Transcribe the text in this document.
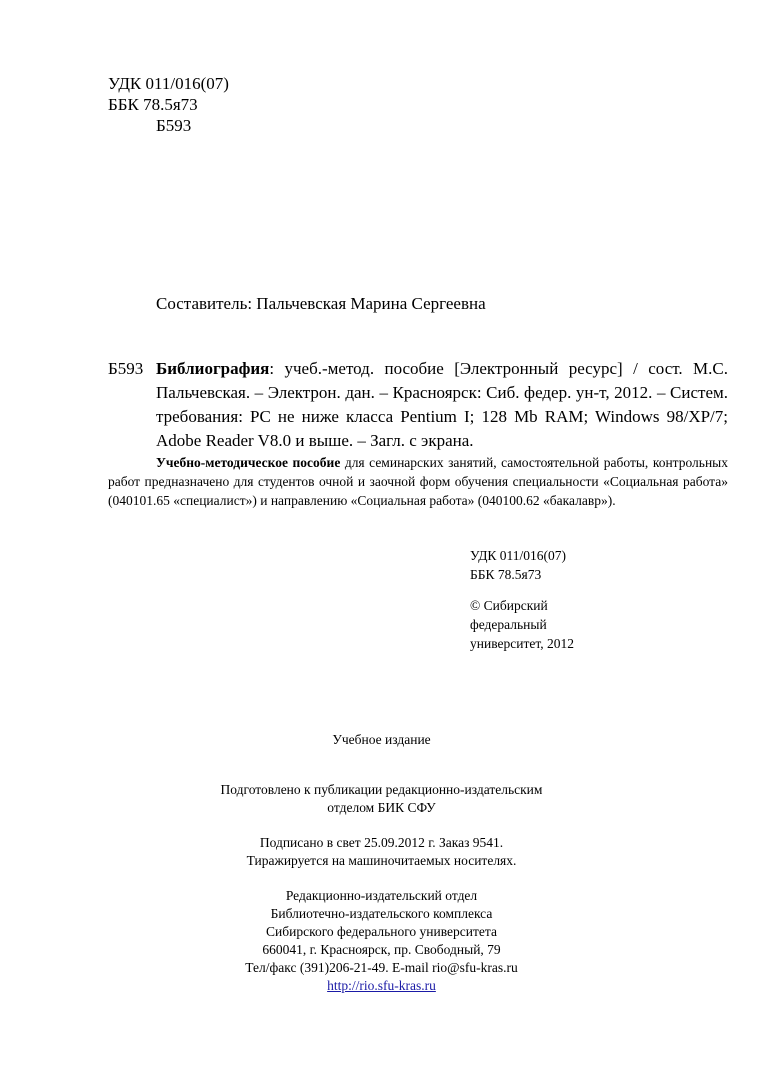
УДК 011/016(07)
ББК 78.5я73
Б593
Составитель: Пальчевская Марина Сергеевна
Б593 Библиография: учеб.-метод. пособие [Электронный ресурс] / сост. М.С. Пальчевская. – Электрон. дан. – Красноярск: Сиб. федер. ун-т, 2012. – Систем. требования: PC не ниже класса Pentium I; 128 Mb RAM; Windows 98/XP/7; Adobe Reader V8.0 и выше. – Загл. с экрана.
Учебно-методическое пособие для семинарских занятий, самостоятельной работы, контрольных работ предназначено для студентов очной и заочной форм обучения специальности «Социальная работа» (040101.65 «специалист») и направлению «Социальная работа» (040100.62 «бакалавр»).
УДК 011/016(07)
ББК 78.5я73
© Сибирский
федеральный
университет, 2012
Учебное издание
Подготовлено к публикации редакционно-издательским
отделом БИК СФУ
Подписано в свет 25.09.2012 г. Заказ 9541.
Тиражируется на машиночитаемых носителях.
Редакционно-издательский отдел
Библиотечно-издательского комплекса
Сибирского федерального университета
660041, г. Красноярск, пр. Свободный, 79
Тел/факс (391)206-21-49. E-mail rio@sfu-kras.ru
http://rio.sfu-kras.ru
